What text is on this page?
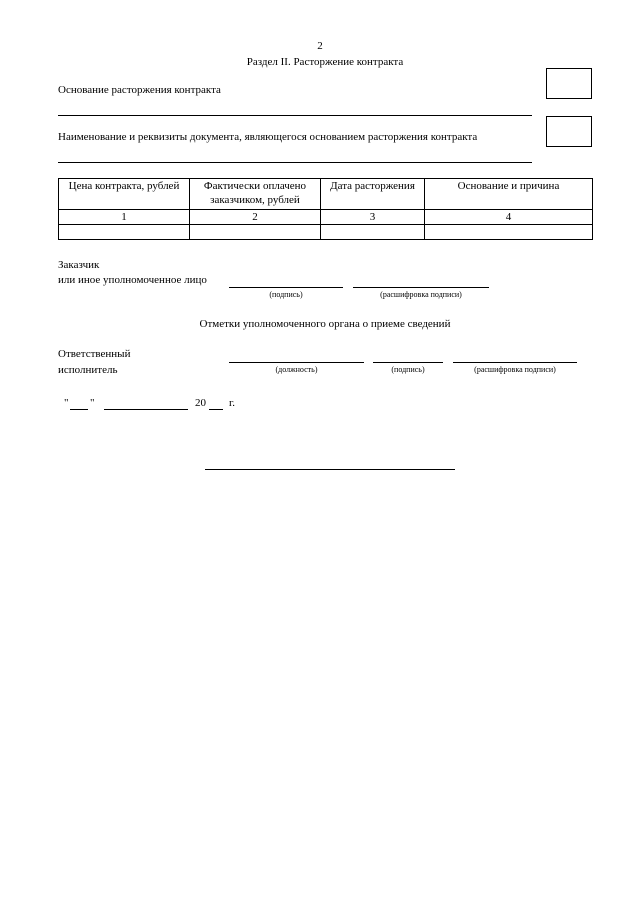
2
Раздел II. Расторжение контракта
Основание расторжения контракта
Наименование и реквизиты документа, являющегося основанием расторжения контракта
Цена контракта, рублей	Фактически оплачено заказчиком, рублей	Дата расторжения	Основание и причина
1	2	3	4

Заказчик
или иное уполномоченное лицо
(подпись)	(расшифровка подписи)
Отметки уполномоченного органа о приеме сведений
Ответственный
исполнитель	(должность)	(подпись)	(расшифровка подписи)
" "	20 г.
